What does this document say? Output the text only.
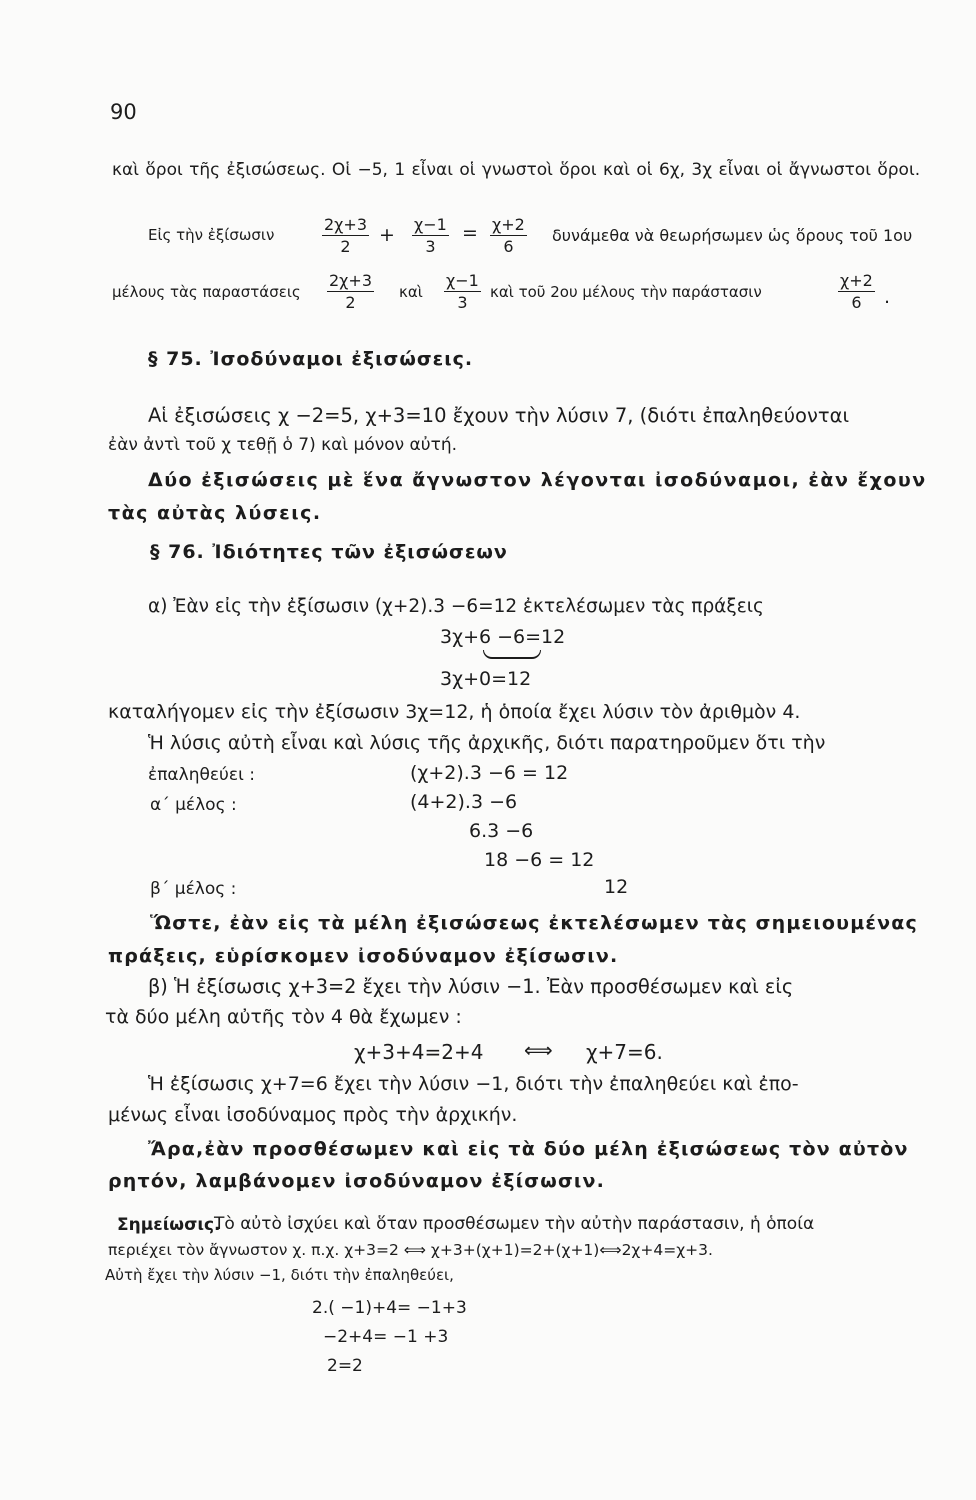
90
καὶ ὅροι τῆς ἐξισώσεως. Οἱ −5, 1 εἶναι οἱ γνωστοὶ ὅροι καὶ οἱ 6χ, 3χ εἶναι οἱ ἄγνωστοι ὅροι.
Εἰς τὴν ἐξίσωσιν	$\frac{2\chi+3}{2} + \frac{\chi-1}{3} = \frac{\chi+2}{6}$ δυνάμεθα νὰ θεωρήσωμεν ὡς ὅρους τοῦ 1ου
μέλους τὰς παραστάσεις $\frac{2\chi+3}{2}$ καὶ $\frac{\chi-1}{3}$ καὶ τοῦ 2ου μέλους τὴν παράστασιν	$\frac{\chi+2}{6}$ .
§ 75. Ἰσοδύναμοι ἐξισώσεις.
Αἱ ἐξισώσεις χ −2=5, χ+3=10 ἔχουν τὴν λύσιν 7, (διότι ἐπαληθεύονται
ἐὰν ἀντὶ τοῦ χ τεθῇ ὁ 7) καὶ μόνον αὐτή.
Δύο ἐξισώσεις μὲ ἕνα ἄγνωστον λέγονται ἰσοδύναμοι, ἐὰν ἔχουν
τὰς αὐτὰς λύσεις.
§ 76. Ἰδιότητες τῶν ἐξισώσεων
α) Ἐὰν εἰς τὴν ἐξίσωσιν (χ+2).3 −6=12 ἐκτελέσωμεν τὰς πράξεις
3χ+6 −6=12
3χ+0=12
καταλήγομεν εἰς τὴν ἐξίσωσιν 3χ=12, ἡ ὁποία ἔχει λύσιν τὸν ἀριθμὸν 4.
Ἡ λύσις αὐτὴ εἶναι καὶ λύσις τῆς ἀρχικῆς, διότι παρατηροῦμεν ὅτι τὴν
ἐπαληθεύει :	(χ+2).3 −6 = 12
α΄ μέλος :	(4+2).3 −6
6.3 −6
18 −6 = 12
β΄ μέλος :	12
Ὥστε, ἐὰν εἰς τὰ μέλη ἐξισώσεως ἐκτελέσωμεν τὰς σημειουμένας
πράξεις, εὑρίσκομεν ἰσοδύναμον ἐξίσωσιν.
β) Ἡ ἐξίσωσις χ+3=2 ἔχει τὴν λύσιν −1. Ἐὰν προσθέσωμεν καὶ εἰς
τὰ δύο μέλη αὐτῆς τὸν 4 θὰ ἔχωμεν :
χ+3+4=2+4 ⟺ χ+7=6.
Ἡ ἐξίσωσις χ+7=6 ἔχει τὴν λύσιν −1, διότι τὴν ἐπαληθεύει καὶ ἐπο-
μένως εἶναι ἰσοδύναμος πρὸς τὴν ἀρχικήν.
Ἄρα,ἐὰν προσθέσωμεν καὶ εἰς τὰ δύο μέλη ἐξισώσεως τὸν αὐτὸν
ρητόν, λαμβάνομεν ἰσοδύναμον ἐξίσωσιν.
Σημείωσις.
Τὸ αὐτὸ ἰσχύει καὶ ὅταν προσθέσωμεν τὴν αὐτὴν παράστασιν, ἡ ὁποία
περιέχει τὸν ἄγνωστον χ. π.χ. χ+3=2 ⟺ χ+3+(χ+1)=2+(χ+1)⟺2χ+4=χ+3.
Αὐτὴ ἔχει τὴν λύσιν −1, διότι τὴν ἐπαληθεύει,
2.( −1)+4= −1+3
−2+4= −1 +3
2=2
